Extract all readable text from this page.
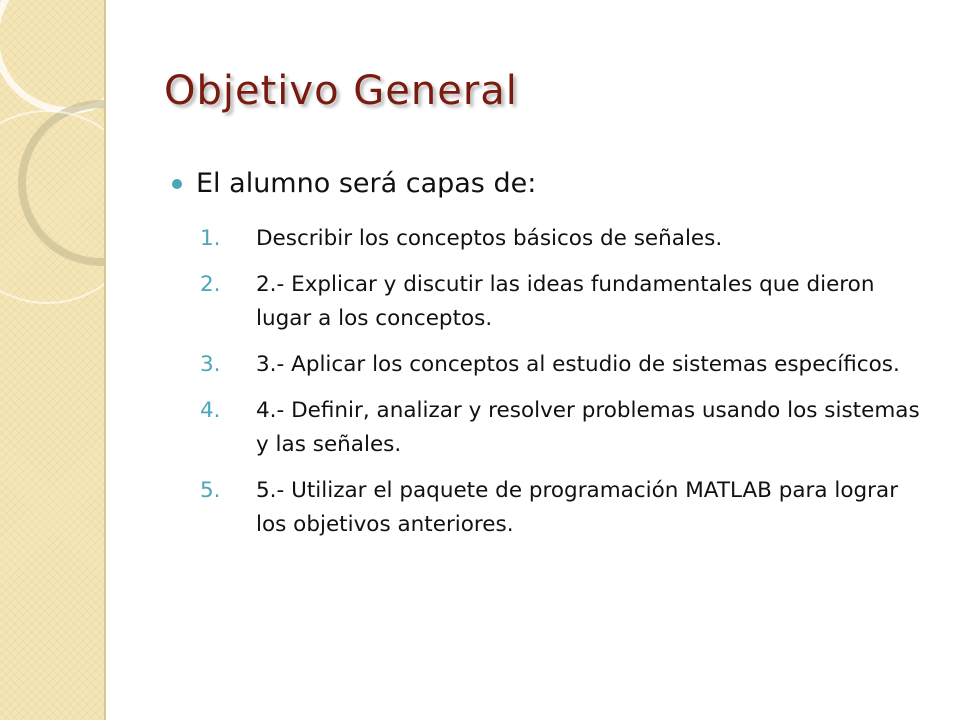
Objetivo General
El alumno será capas de:
1.	Describir los conceptos básicos de señales.
2.	2.- Explicar y discutir las ideas fundamentales que dieron lugar a los conceptos.
3.	3.- Aplicar los conceptos al estudio de sistemas específicos.
4.	4.- Definir, analizar y resolver problemas usando los sistemas y las señales.
5.	5.- Utilizar el paquete de programación MATLAB para lograr los objetivos anteriores.
